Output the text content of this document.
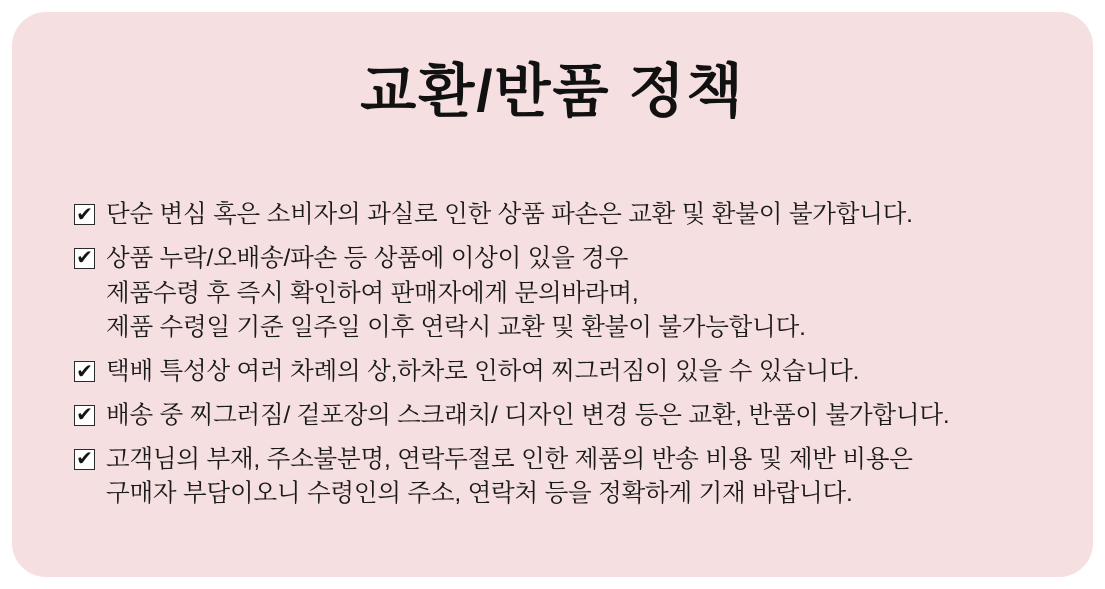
교환/반품 정책
✔ 단순 변심 혹은 소비자의 과실로 인한 상품 파손은 교환 및 환불이 불가합니다.
✔ 상품 누락/오배송/파손 등 상품에 이상이 있을 경우
제품수령 후 즉시 확인하여 판매자에게 문의바라며,
제품 수령일 기준 일주일 이후 연락시 교환 및 환불이 불가능합니다.
✔ 택배 특성상 여러 차례의 상,하차로 인하여 찌그러짐이 있을 수 있습니다.
✔ 배송 중 찌그러짐/ 겉포장의 스크래치/ 디자인 변경 등은 교환, 반품이 불가합니다.
✔ 고객님의 부재, 주소불분명, 연락두절로 인한 제품의 반송 비용 및 제반 비용은
구매자 부담이오니 수령인의 주소, 연락처 등을 정확하게 기재 바랍니다.
